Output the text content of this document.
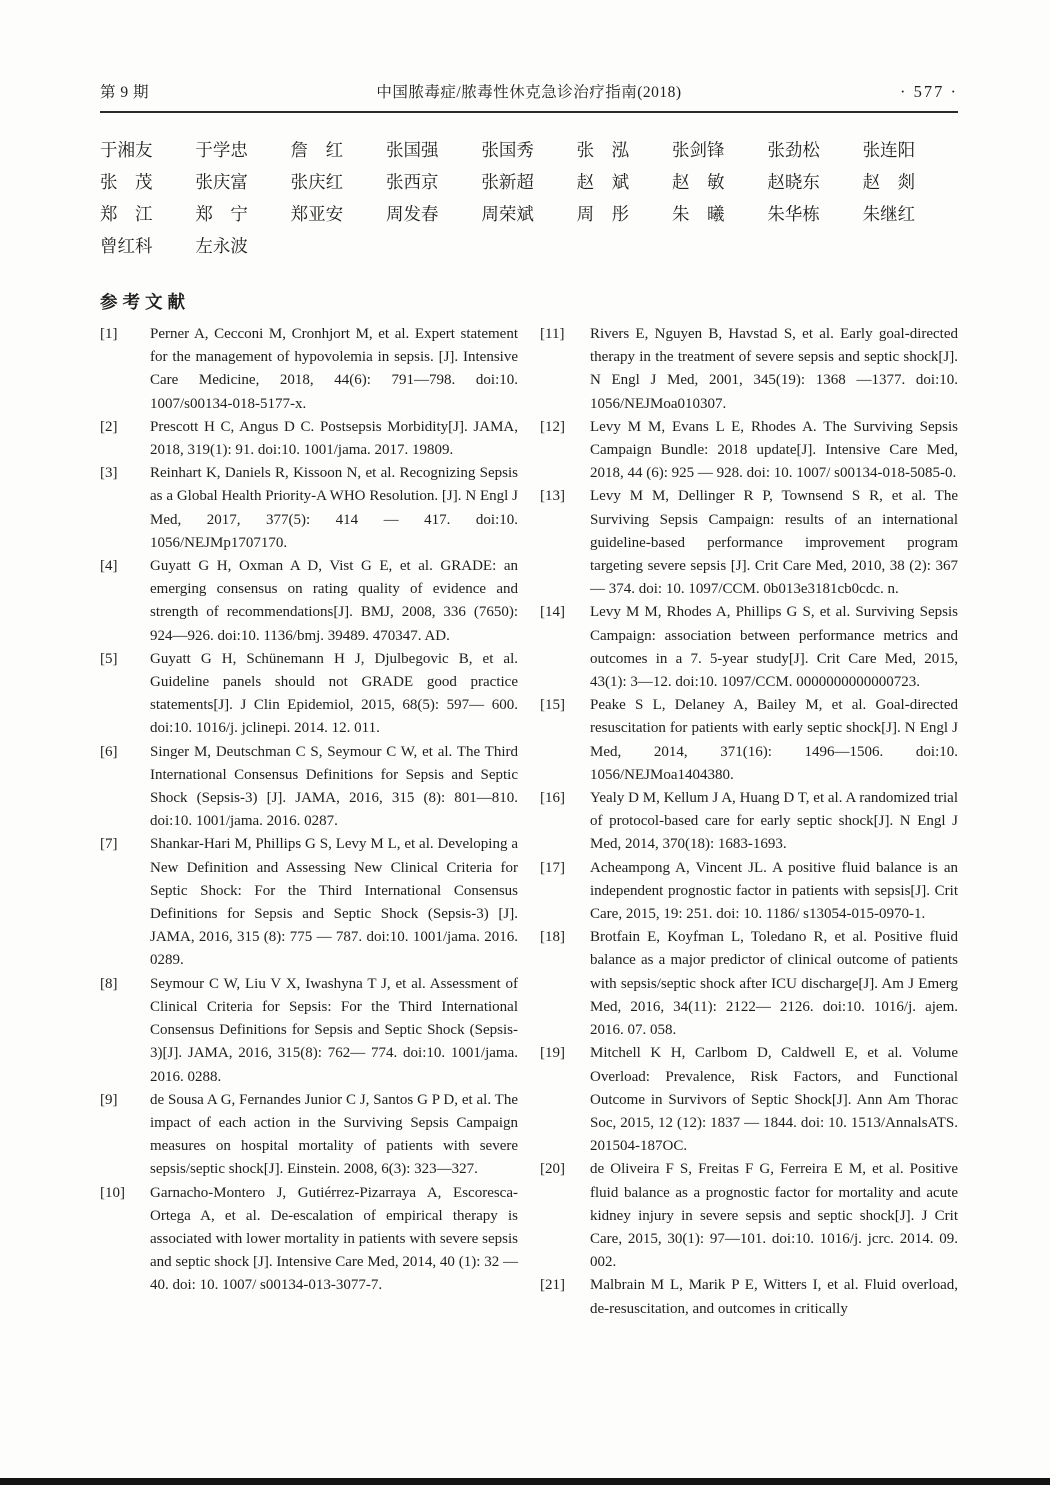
第 9 期	中国脓毒症/脓毒性休克急诊治疗指南(2018)	· 577 ·
于湘友	于学忠	詹　红	张国强	张国秀	张　泓	张剑锋	张劲松	张连阳
张　茂	张庆富	张庆红	张西京	张新超	赵　斌	赵　敏	赵晓东	赵　剡
郑　江	郑　宁	郑亚安	周发春	周荣斌	周　彤	朱　曦	朱华栋	朱继红
曾红科	左永波
参考文献
[1]	Perner A, Cecconi M, Cronhjort M, et al. Expert statement for the management of hypovolemia in sepsis. [J]. Intensive Care Medicine, 2018, 44(6): 791—798. doi:10. 1007/s00134-018-5177-x.
[2]	Prescott H C, Angus D C. Postsepsis Morbidity[J]. JAMA, 2018, 319(1): 91. doi:10. 1001/jama. 2017. 19809.
[3]	Reinhart K, Daniels R, Kissoon N, et al. Recognizing Sepsis as a Global Health Priority-A WHO Resolution. [J]. N Engl J Med, 2017, 377(5): 414 — 417. doi:10. 1056/NEJMp1707170.
[4]	Guyatt G H, Oxman A D, Vist G E, et al. GRADE: an emerging consensus on rating quality of evidence and strength of recommendations[J]. BMJ, 2008, 336 (7650): 924—926. doi:10. 1136/bmj. 39489. 470347. AD.
[5]	Guyatt G H, Schünemann H J, Djulbegovic B, et al. Guideline panels should not GRADE good practice statements[J]. J Clin Epidemiol, 2015, 68(5): 597— 600. doi:10. 1016/j. jclinepi. 2014. 12. 011.
[6]	Singer M, Deutschman C S, Seymour C W, et al. The Third International Consensus Definitions for Sepsis and Septic Shock (Sepsis-3) [J]. JAMA, 2016, 315 (8): 801—810. doi:10. 1001/jama. 2016. 0287.
[7]	Shankar-Hari M, Phillips G S, Levy M L, et al. Developing a New Definition and Assessing New Clinical Criteria for Septic Shock: For the Third International Consensus Definitions for Sepsis and Septic Shock (Sepsis-3) [J]. JAMA, 2016, 315 (8): 775 — 787. doi:10. 1001/jama. 2016. 0289.
[8]	Seymour C W, Liu V X, Iwashyna T J, et al. Assessment of Clinical Criteria for Sepsis: For the Third International Consensus Definitions for Sepsis and Septic Shock (Sepsis-3)[J]. JAMA, 2016, 315(8): 762— 774. doi:10. 1001/jama. 2016. 0288.
[9]	de Sousa A G, Fernandes Junior C J, Santos G P D, et al. The impact of each action in the Surviving Sepsis Campaign measures on hospital mortality of patients with severe sepsis/septic shock[J]. Einstein. 2008, 6(3): 323—327.
[10]	Garnacho-Montero J, Gutiérrez-Pizarraya A, Escoresca-Ortega A, et al. De-escalation of empirical therapy is associated with lower mortality in patients with severe sepsis and septic shock [J]. Intensive Care Med, 2014, 40 (1): 32 — 40. doi: 10. 1007/ s00134-013-3077-7.
[11]	Rivers E, Nguyen B, Havstad S, et al. Early goal-directed therapy in the treatment of severe sepsis and septic shock[J]. N Engl J Med, 2001, 345(19): 1368 —1377. doi:10. 1056/NEJMoa010307.
[12]	Levy M M, Evans L E, Rhodes A. The Surviving Sepsis Campaign Bundle: 2018 update[J]. Intensive Care Med, 2018, 44 (6): 925 — 928. doi: 10. 1007/ s00134-018-5085-0.
[13]	Levy M M, Dellinger R P, Townsend S R, et al. The Surviving Sepsis Campaign: results of an international guideline-based performance improvement program targeting severe sepsis [J]. Crit Care Med, 2010, 38 (2): 367 — 374. doi: 10. 1097/CCM. 0b013e3181cb0cdc. n.
[14]	Levy M M, Rhodes A, Phillips G S, et al. Surviving Sepsis Campaign: association between performance metrics and outcomes in a 7. 5-year study[J]. Crit Care Med, 2015, 43(1): 3—12. doi:10. 1097/CCM. 0000000000000723.
[15]	Peake S L, Delaney A, Bailey M, et al. Goal-directed resuscitation for patients with early septic shock[J]. N Engl J Med, 2014, 371(16): 1496—1506. doi:10. 1056/NEJMoa1404380.
[16]	Yealy D M, Kellum J A, Huang D T, et al. A randomized trial of protocol-based care for early septic shock[J]. N Engl J Med, 2014, 370(18): 1683-1693.
[17]	Acheampong A, Vincent JL. A positive fluid balance is an independent prognostic factor in patients with sepsis[J]. Crit Care, 2015, 19: 251. doi: 10. 1186/ s13054-015-0970-1.
[18]	Brotfain E, Koyfman L, Toledano R, et al. Positive fluid balance as a major predictor of clinical outcome of patients with sepsis/septic shock after ICU discharge[J]. Am J Emerg Med, 2016, 34(11): 2122— 2126. doi:10. 1016/j. ajem. 2016. 07. 058.
[19]	Mitchell K H, Carlbom D, Caldwell E, et al. Volume Overload: Prevalence, Risk Factors, and Functional Outcome in Survivors of Septic Shock[J]. Ann Am Thorac Soc, 2015, 12 (12): 1837 — 1844. doi: 10. 1513/AnnalsATS. 201504-187OC.
[20]	de Oliveira F S, Freitas F G, Ferreira E M, et al. Positive fluid balance as a prognostic factor for mortality and acute kidney injury in severe sepsis and septic shock[J]. J Crit Care, 2015, 30(1): 97—101. doi:10. 1016/j. jcrc. 2014. 09. 002.
[21]	Malbrain M L, Marik P E, Witters I, et al. Fluid overload, de-resuscitation, and outcomes in critically
